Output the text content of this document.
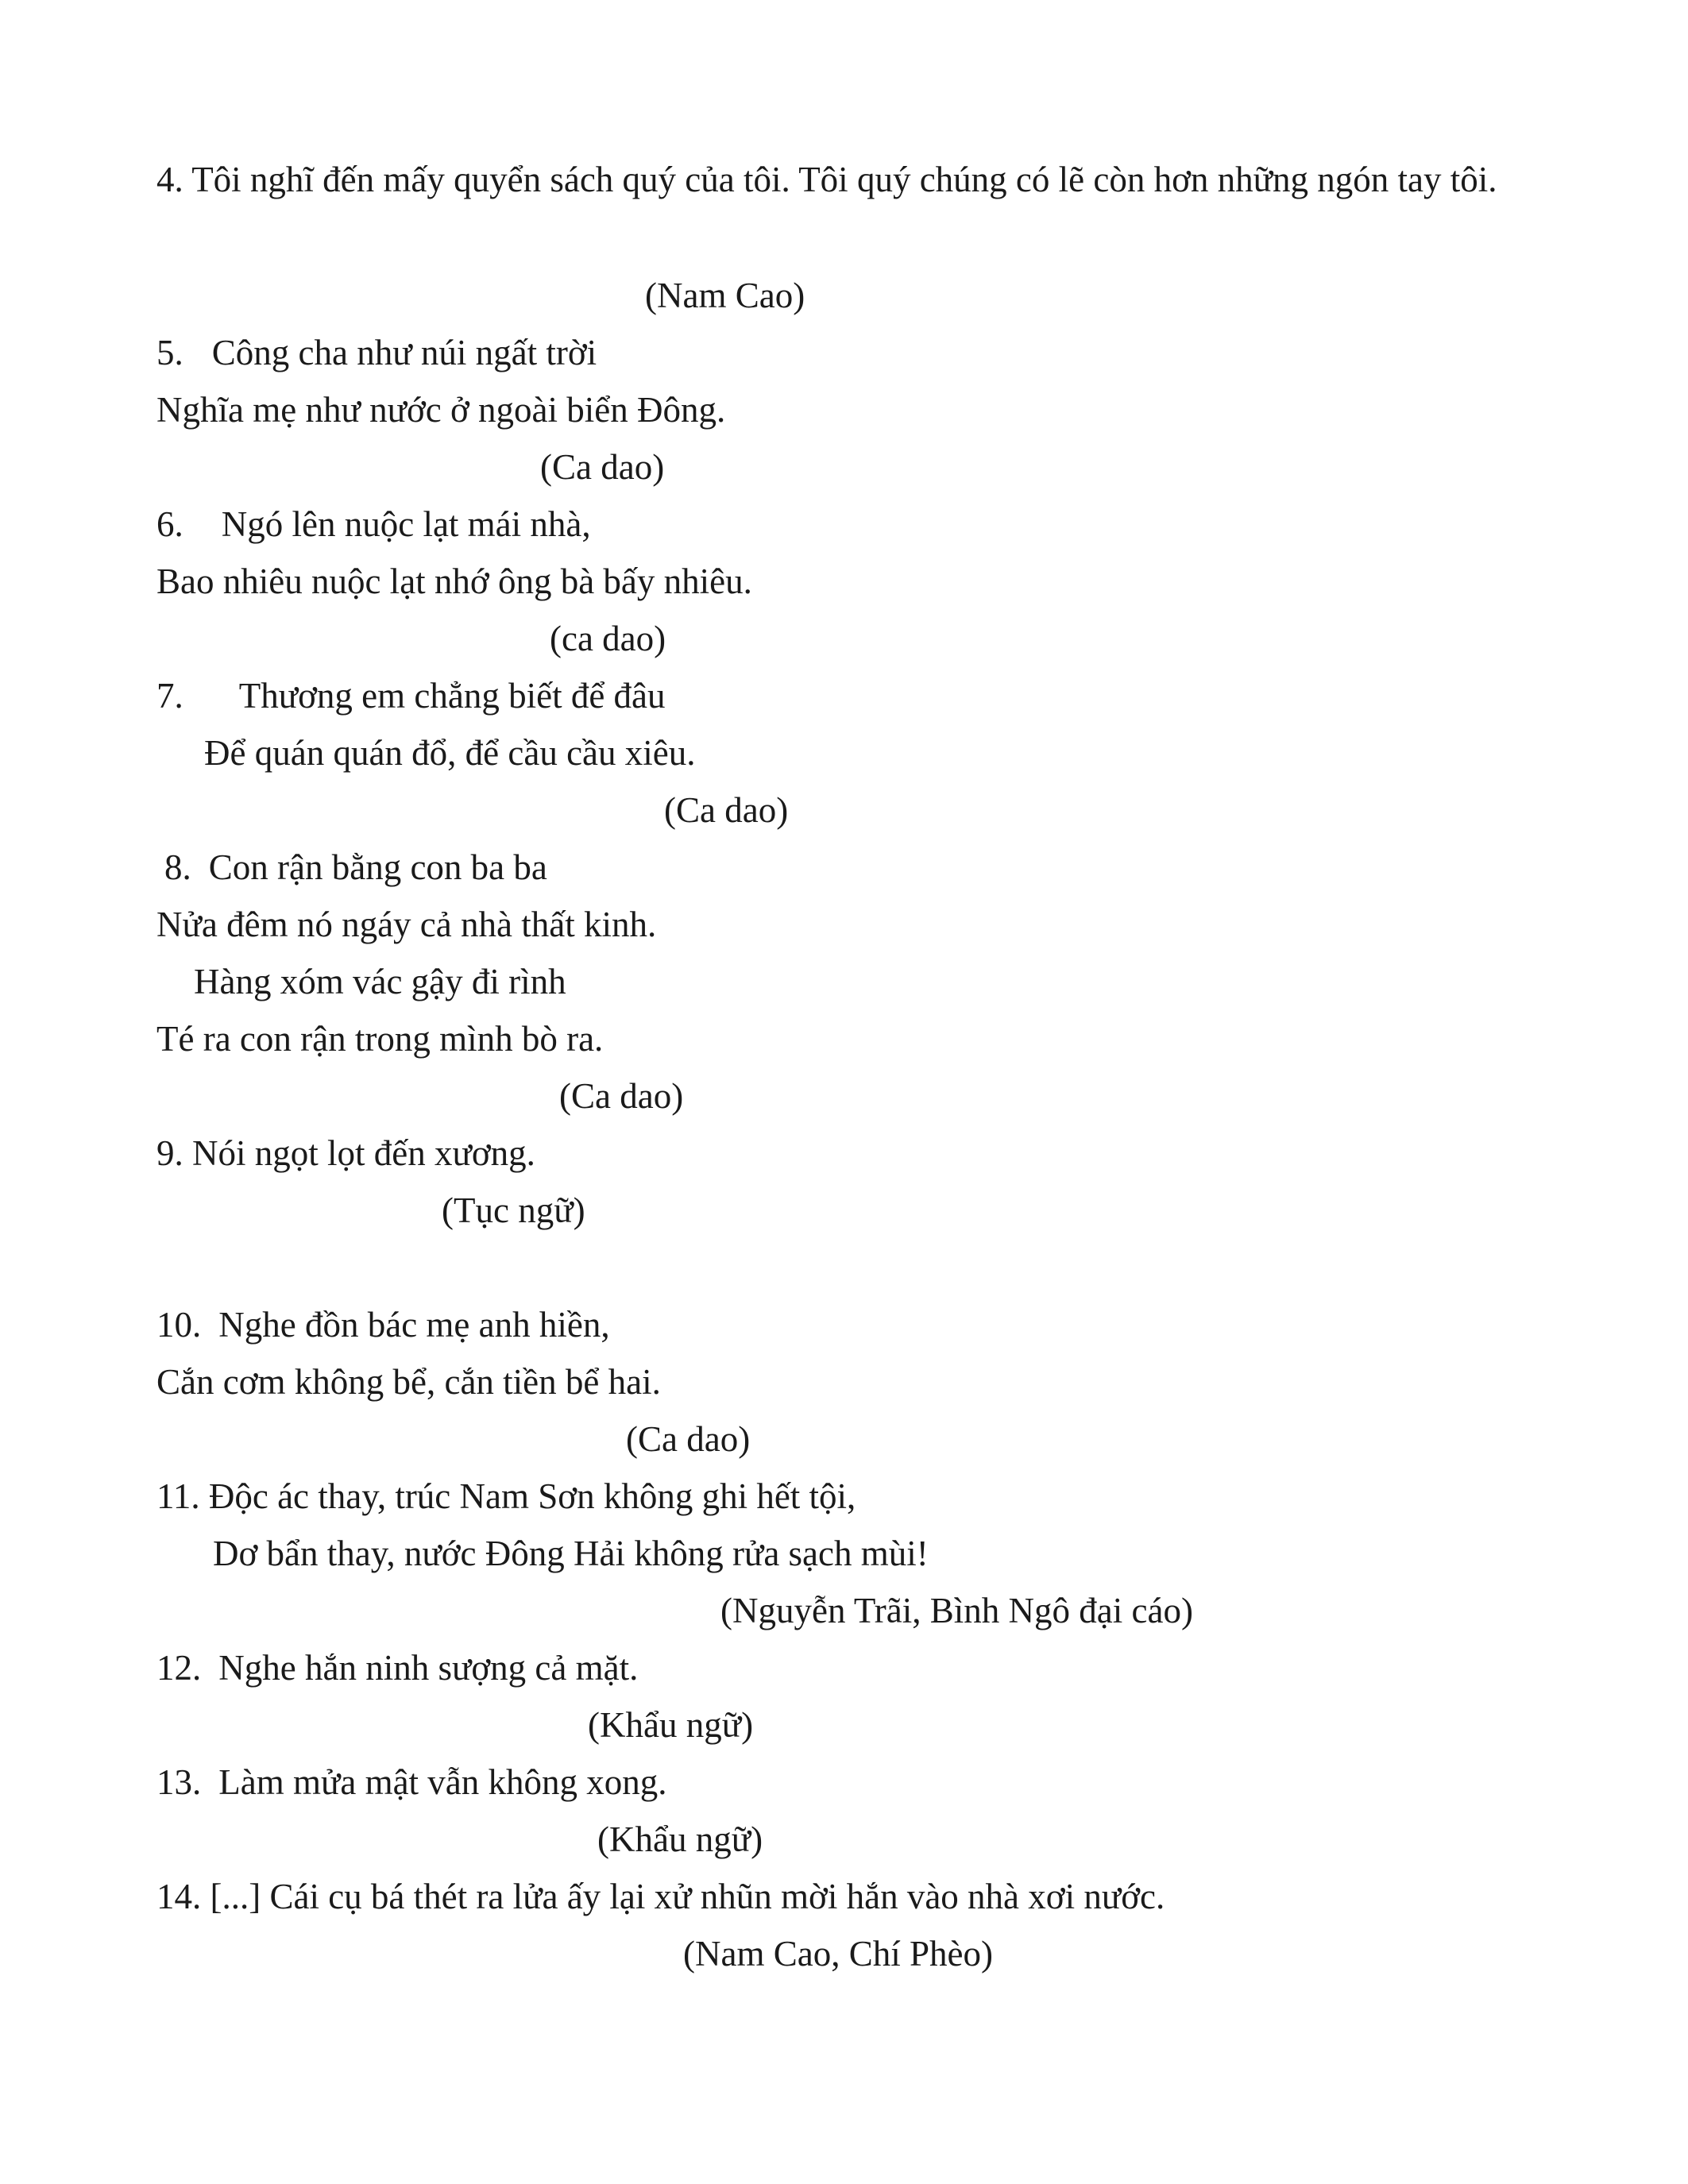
4. Tôi nghĩ đến mấy quyển sách quý của tôi. Tôi quý chúng có lẽ còn hơn những ngón tay tôi.

(Nam Cao)
5. Công cha như núi ngất trời
Nghĩa mẹ như nước ở ngoài biển Đông.
(Ca dao)
6. Ngó lên nuộc lạt mái nhà,
Bao nhiêu nuộc lạt nhớ ông bà bấy nhiêu.
(ca dao)
7. Thương em chẳng biết để đâu
Để quán quán đổ, để cầu cầu xiêu.
(Ca dao)
8. Con rận bằng con ba ba
Nửa đêm nó ngáy cả nhà thất kinh.
Hàng xóm vác gậy đi rình
Té ra con rận trong mình bò ra.
(Ca dao)
9. Nói ngọt lọt đến xương.
(Tục ngữ)
10. Nghe đồn bác mẹ anh hiền,
Cắn cơm không bể, cắn tiền bể hai.
(Ca dao)
11. Độc ác thay, trúc Nam Sơn không ghi hết tội,
Dơ bẩn thay, nước Đông Hải không rửa sạch mùi!
(Nguyễn Trãi, Bình Ngô đại cáo)
12. Nghe hắn ninh sượng cả mặt.
(Khẩu ngữ)
13. Làm mửa mật vẫn không xong.
(Khẩu ngữ)
14. [...] Cái cụ bá thét ra lửa ấy lại xử nhũn mời hắn vào nhà xơi nước.
(Nam Cao, Chí Phèo)
